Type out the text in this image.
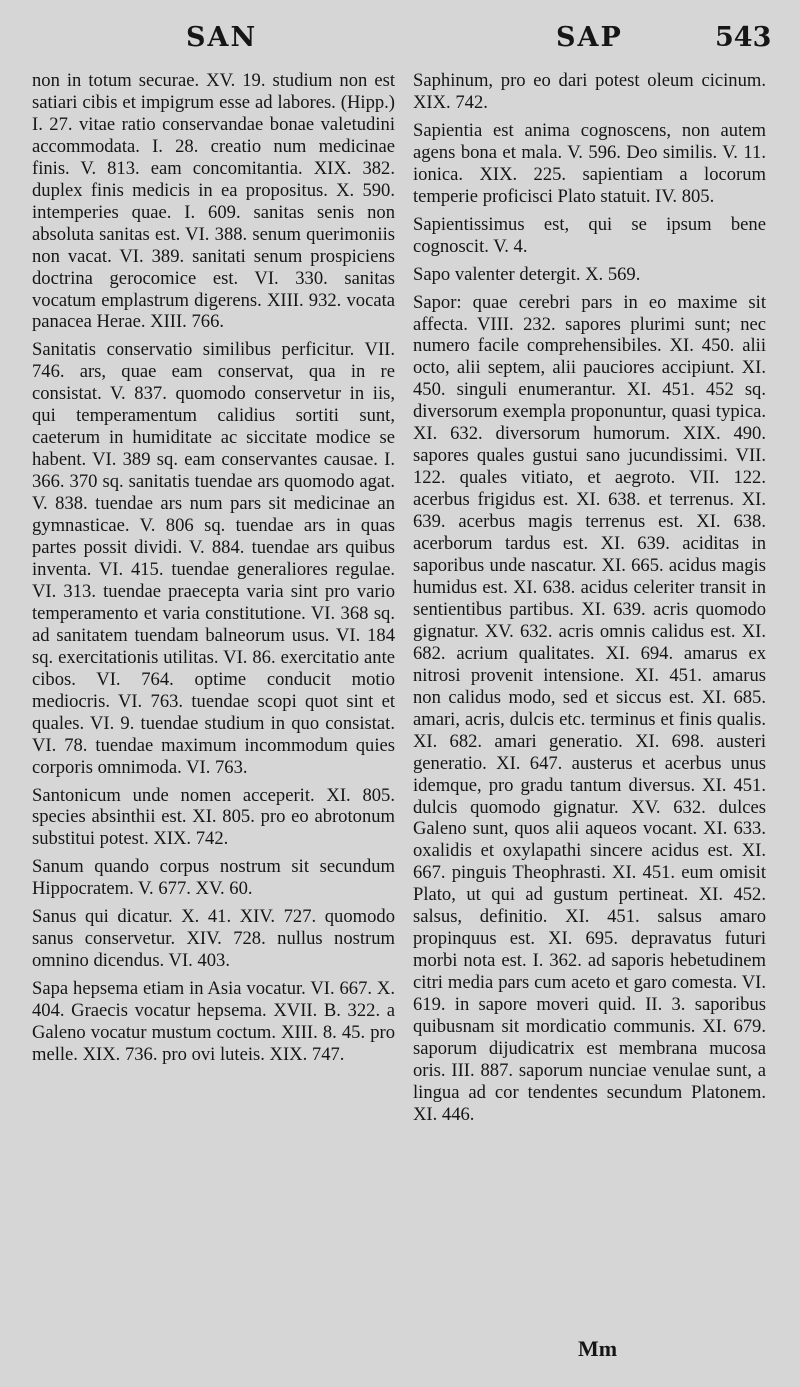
SAN	SAP	543

non in totum securae. XV. 19. studium non est satiari cibis et impigrum esse ad labores. (Hipp.) I. 27. vitae ratio conservandae bonae valetudini accommodata. I. 28. creatio num medicinae finis. V. 813. eam concomitantia. XIX. 382. duplex finis medicis in ea propositus. X. 590. intemperies quae. I. 609. sanitas senis non absoluta sanitas est. VI. 388. senum querimoniis non vacat. VI. 389. sanitati senum prospiciens doctrina gerocomice est. VI. 330. sanitas vocatum emplastrum digerens. XIII. 932. vocata panacea Herae. XIII. 766.

Sanitatis conservatio similibus perficitur. VII. 746. ars, quae eam conservat, qua in re consistat. V. 837. quomodo conservetur in iis, qui temperamentum calidius sortiti sunt, caeterum in humiditate ac siccitate modice se habent. VI. 389 sq. eam conservantes causae. I. 366. 370 sq. sanitatis tuendae ars quomodo agat. V. 838. tuendae ars num pars sit medicinae an gymnasticae. V. 806 sq. tuendae ars in quas partes possit dividi. V. 884. tuendae ars quibus inventa. VI. 415. tuendae generaliores regulae. VI. 313. tuendae praecepta varia sint pro vario temperamento et varia constitutione. VI. 368 sq. ad sanitatem tuendam balneorum usus. VI. 184 sq. exercitationis utilitas. VI. 86. exercitatio ante cibos. VI. 764. optime conducit motio mediocris. VI. 763. tuendae scopi quot sint et quales. VI. 9. tuendae studium in quo consistat. VI. 78. tuendae maximum incommodum quies corporis omnimoda. VI. 763.

Santonicum unde nomen acceperit. XI. 805. species absinthii est. XI. 805. pro eo abrotonum substitui potest. XIX. 742.

Sanum quando corpus nostrum sit secundum Hippocratem. V. 677. XV. 60.

Sanus qui dicatur. X. 41. XIV. 727. quomodo sanus conservetur. XIV. 728. nullus nostrum omnino dicendus. VI. 403.

Sapa hepsema etiam in Asia vocatur. VI. 667. X. 404. Graecis vocatur hepsema. XVII. B. 322. a Galeno vocatur mustum coctum. XIII. 8. 45. pro melle. XIX. 736. pro ovi luteis. XIX. 747.

Saphinum, pro eo dari potest oleum cicinum. XIX. 742.

Sapientia est anima cognoscens, non autem agens bona et mala. V. 596. Deo similis. V. 11. ionica. XIX. 225. sapientiam a locorum temperie proficisci Plato statuit. IV. 805.

Sapientissimus est, qui se ipsum bene cognoscit. V. 4.

Sapo valenter detergit. X. 569.

Sapor: quae cerebri pars in eo maxime sit affecta. VIII. 232. sapores plurimi sunt; nec numero facile comprehensibiles. XI. 450. alii octo, alii septem, alii pauciores accipiunt. XI. 450. singuli enumerantur. XI. 451. 452 sq. diversorum exempla proponuntur, quasi typica. XI. 632. diversorum humorum. XIX. 490. sapores quales gustui sano jucundissimi. VII. 122. quales vitiato, et aegroto. VII. 122. acerbus frigidus est. XI. 638. et terrenus. XI. 639. acerbus magis terrenus est. XI. 638. acerborum tardus est. XI. 639. aciditas in saporibus unde nascatur. XI. 665. acidus magis humidus est. XI. 638. acidus celeriter transit in sentientibus partibus. XI. 639. acris quomodo gignatur. XV. 632. acris omnis calidus est. XI. 682. acrium qualitates. XI. 694. amarus ex nitrosi provenit intensione. XI. 451. amarus non calidus modo, sed et siccus est. XI. 685. amari, acris, dulcis etc. terminus et finis qualis. XI. 682. amari generatio. XI. 698. austeri generatio. XI. 647. austerus et acerbus unus idemque, pro gradu tantum diversus. XI. 451. dulcis quomodo gignatur. XV. 632. dulces Galeno sunt, quos alii aqueos vocant. XI. 633. oxalidis et oxylapathi sincere acidus est. XI. 667. pinguis Theophrasti. XI. 451. eum omisit Plato, ut qui ad gustum pertineat. XI. 452. salsus, definitio. XI. 451. salsus amaro propinquus est. XI. 695. depravatus futuri morbi nota est. I. 362. ad saporis hebetudinem citri media pars cum aceto et garo comesta. VI. 619. in sapore moveri quid. II. 3. saporibus quibusnam sit mordicatio communis. XI. 679. saporum dijudicatrix est membrana mucosa oris. III. 887. saporum nunciae venulae sunt, a lingua ad cor tendentes secundum Platonem. XI. 446.

Mm
